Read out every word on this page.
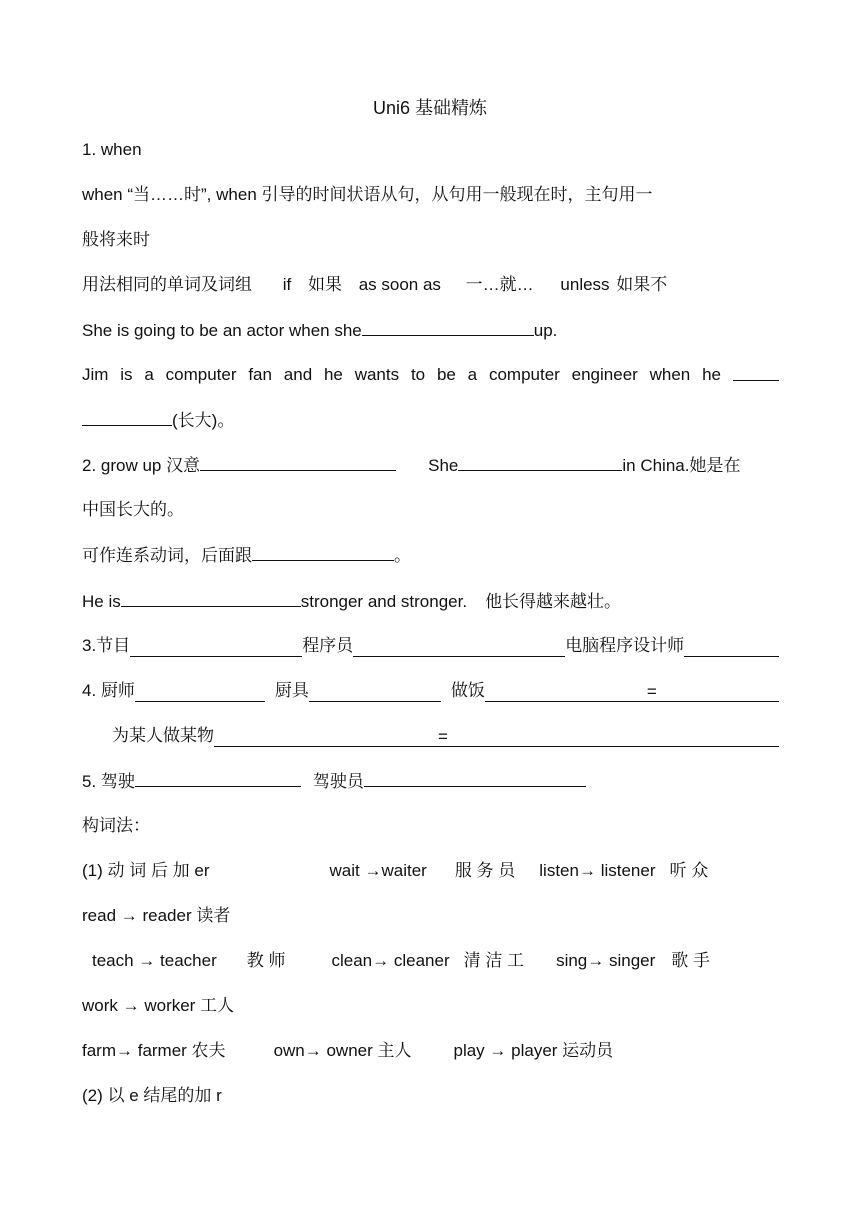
Uni6 基础精炼
1. when
when “当……时”, when 引导的时间状语从句，从句用一般现在时，主句用一
般将来时
用法相同的单词及词组 if 如果 as soon as 一…就… unless 如果不
She is going to be an actor when she	up.
Jim is a computer fan and he wants to be a computer engineer when he
(长大)。
2. grow up 汉意	She	in China.她是在
中国长大的。
可作连系动词，后面跟	。
He is	stronger and stronger. 他长得越来越壮。
3.节目	程序员	电脑程序设计师
4. 厨师	厨具	做饭	=
为某人做某物	=
5. 驾驶	驾驶员
构词法：
(1) 动 词 后 加 er	wait →waiter 服 务 员 listen→ listener 听 众
read → reader 读者
teach → teacher 教 师	clean→ cleaner 清 洁 工 sing→ singer 歌 手
work → worker 工人
farm→ farmer 农夫	own→ owner 主人 play → player 运动员
(2) 以 e 结尾的加 r
